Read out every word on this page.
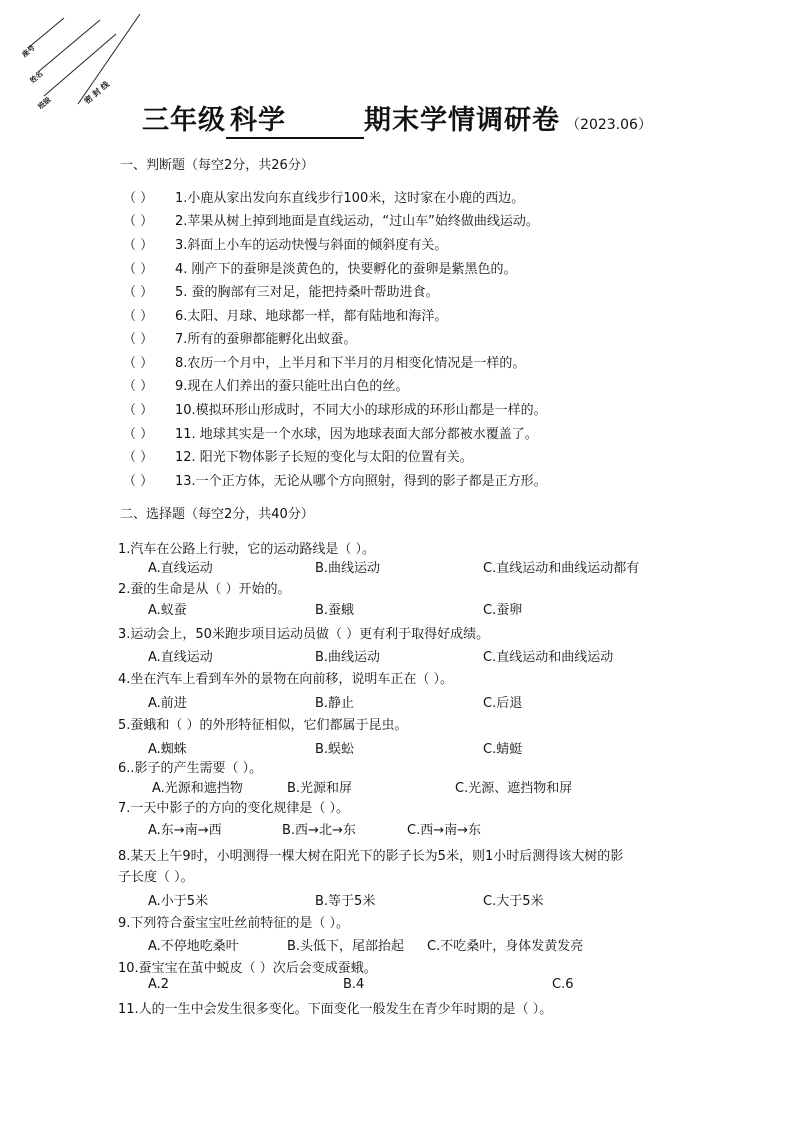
座号
姓名
班级	密 封 线
三年级 科学	期末学情调研卷 （2023.06）
一、判断题（每空2分，共26分）
（ ） 1.小鹿从家出发向东直线步行100米，这时家在小鹿的西边。
（ ） 2.苹果从树上掉到地面是直线运动，“过山车”始终做曲线运动。
（ ） 3.斜面上小车的运动快慢与斜面的倾斜度有关。
（ ） 4. 刚产下的蚕卵是淡黄色的，快要孵化的蚕卵是紫黑色的。
（ ） 5. 蚕的胸部有三对足，能把持桑叶帮助进食。
（ ） 6.太阳、月球、地球都一样，都有陆地和海洋。
（ ） 7.所有的蚕卵都能孵化出蚁蚕。
（ ） 8.农历一个月中，上半月和下半月的月相变化情况是一样的。
（ ） 9.现在人们养出的蚕只能吐出白色的丝。
（ ） 10.模拟环形山形成时，不同大小的球形成的环形山都是一样的。
（ ） 11. 地球其实是一个水球，因为地球表面大部分都被水覆盖了。
（ ） 12. 阳光下物体影子长短的变化与太阳的位置有关。
（ ） 13.一个正方体，无论从哪个方向照射，得到的影子都是正方形。
二、选择题（每空2分，共40分）
1.汽车在公路上行驶，它的运动路线是（ ）。
A.直线运动	B.曲线运动	C.直线运动和曲线运动都有
2.蚕的生命是从（ ）开始的。
A.蚁蚕	B.蚕蛾	C.蚕卵
3.运动会上，50米跑步项目运动员做（ ）更有利于取得好成绩。
A.直线运动	B.曲线运动	C.直线运动和曲线运动
4.坐在汽车上看到车外的景物在向前移，说明车正在（ ）。
A.前进	B.静止	C.后退
5.蚕蛾和（ ）的外形特征相似，它们都属于昆虫。
A.蜘蛛	B.蜈蚣	C.蜻蜓
6..影子的产生需要（ ）。
A.光源和遮挡物	B.光源和屏	C.光源、遮挡物和屏
7.一天中影子的方向的变化规律是（ ）。
A.东→南→西	B.西→北→东	C.西→南→东
8.某天上午9时，小明测得一棵大树在阳光下的影子长为5米，则1小时后测得该大树的影
子长度（ ）。
A.小于5米	B.等于5米	C.大于5米
9.下列符合蚕宝宝吐丝前特征的是（ ）。
A.不停地吃桑叶	B.头低下，尾部抬起 C.不吃桑叶，身体发黄发亮
10.蚕宝宝在茧中蜕皮（ ）次后会变成蚕蛾。
A.2	B.4	C.6
11.人的一生中会发生很多变化。下面变化一般发生在青少年时期的是（ ）。
